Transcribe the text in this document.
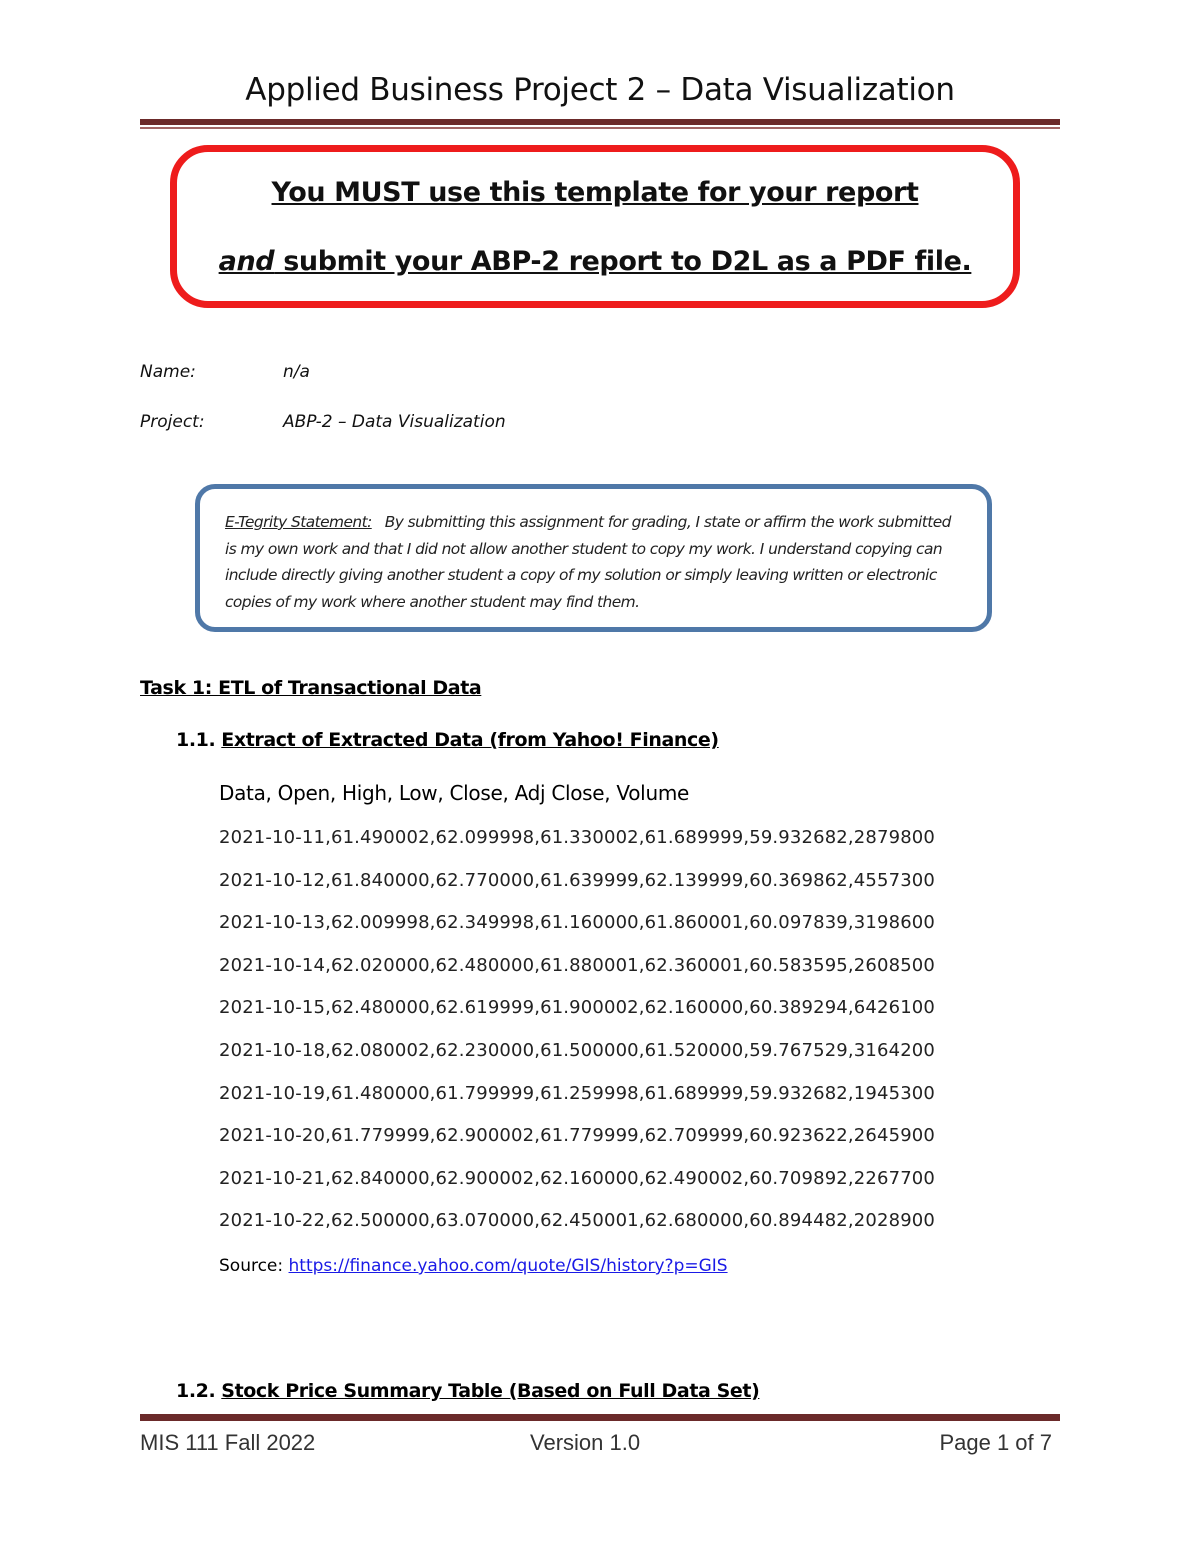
Applied Business Project 2 – Data Visualization
You MUST use this template for your report
and submit your ABP-2 report to D2L as a PDF file.
Name:	n/a
Project:	ABP-2 – Data Visualization
E-Tegrity Statement: By submitting this assignment for grading, I state or affirm the work submitted is my own work and that I did not allow another student to copy my work. I understand copying can include directly giving another student a copy of my solution or simply leaving written or electronic copies of my work where another student may find them.
Task 1: ETL of Transactional Data
1.1. Extract of Extracted Data (from Yahoo! Finance)
Data, Open, High, Low, Close, Adj Close, Volume
2021-10-11,61.490002,62.099998,61.330002,61.689999,59.932682,2879800
2021-10-12,61.840000,62.770000,61.639999,62.139999,60.369862,4557300
2021-10-13,62.009998,62.349998,61.160000,61.860001,60.097839,3198600
2021-10-14,62.020000,62.480000,61.880001,62.360001,60.583595,2608500
2021-10-15,62.480000,62.619999,61.900002,62.160000,60.389294,6426100
2021-10-18,62.080002,62.230000,61.500000,61.520000,59.767529,3164200
2021-10-19,61.480000,61.799999,61.259998,61.689999,59.932682,1945300
2021-10-20,61.779999,62.900002,61.779999,62.709999,60.923622,2645900
2021-10-21,62.840000,62.900002,62.160000,62.490002,60.709892,2267700
2021-10-22,62.500000,63.070000,62.450001,62.680000,60.894482,2028900
Source: https://finance.yahoo.com/quote/GIS/history?p=GIS
1.2. Stock Price Summary Table (Based on Full Data Set)
MIS 111 Fall 2022	Version 1.0	Page 1 of 7
